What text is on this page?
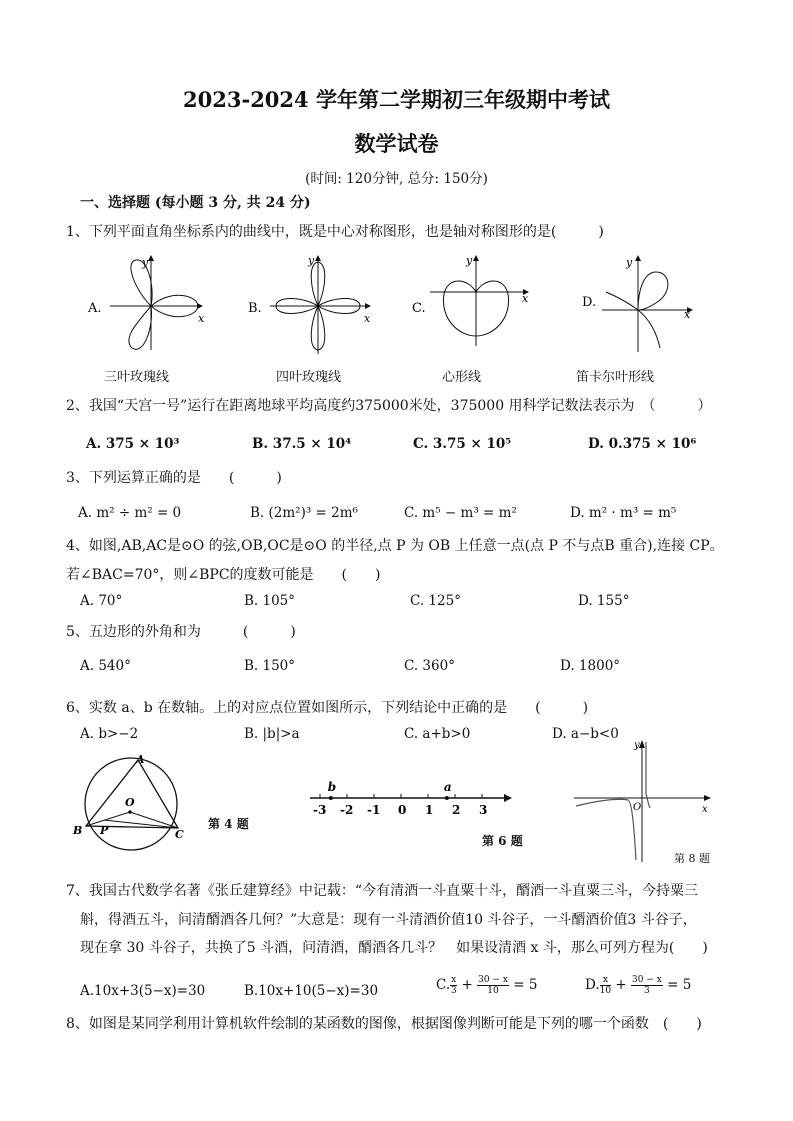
2023-2024 学年第二学期初三年级期中考试
数学试卷
(时间: 120分钟, 总分: 150分)
一、选择题 (每小题 3 分, 共 24 分)
1、下列平面直角坐标系内的曲线中，既是中心对称图形，也是轴对称图形的是(　　　)
A.
y
x
B.
y
x
C.
y
x	D.
y
x
三叶玫瑰线	四叶玫瑰线	心形线	笛卡尔叶形线
2、我国“天宫一号”运行在距离地球平均高度约375000米处，375000 用科学记数法表示为　（　　　）
A. 375 × 10³	B. 37.5 × 10⁴	C. 3.75 × 10⁵	D. 0.375 × 10⁶
3、下列运算正确的是　　(　　　)
A. m² ÷ m² = 0	B. (2m²)³ = 2m⁶	C. m⁵ − m³ = m²	D. m² · m³ = m⁵
4、如图,AB,AC是⊙O 的弦,OB,OC是⊙O 的半径,点 P 为 OB 上任意一点(点 P 不与点B 重合),连接 CP。
若∠BAC=70°，则∠BPC的度数可能是　　(　　)
A. 70°	B. 105°	C. 125°	D. 155°
5、五边形的外角和为　　　(　　　)
A. 540°	B. 150°	C. 360°	D. 1800°
6、实数 a、b 在数轴。上的对应点位置如图所示，下列结论中正确的是　　(　　　)
A. b>−2	B. |b|>a	C. a+b>0	D. a−b<0
A
O
B P	C
第 4 题
-3 -2 -1 0 1 2 3
b	a
第 6 题
O	x
y
第 8 题
7、我国古代数学名著《张丘建算经》中记载：“今有清酒一斗直粟十斗，醑酒一斗直粟三斗，今持粟三
斛，得酒五斗，问清醑酒各几何？”大意是：现有一斗清酒价值10 斗谷子，一斗醑酒价值3 斗谷子，
现在拿 30 斗谷子，共换了5 斗酒，问清酒，醑酒各几斗？　如果设清酒 x 斗，那么可列方程为(　　)
A.10x+3(5−x)=30	B.10x+10(5−x)=30	C. $\frac{x}{3} + \frac{30 - x}{10} = 5$	D. $\frac{x}{10} + \frac{30 - x}{3} = 5$
8、如图是某同学利用计算机软件绘制的某函数的图像，根据图像判断可能是下列的哪一个函数　(　　)
